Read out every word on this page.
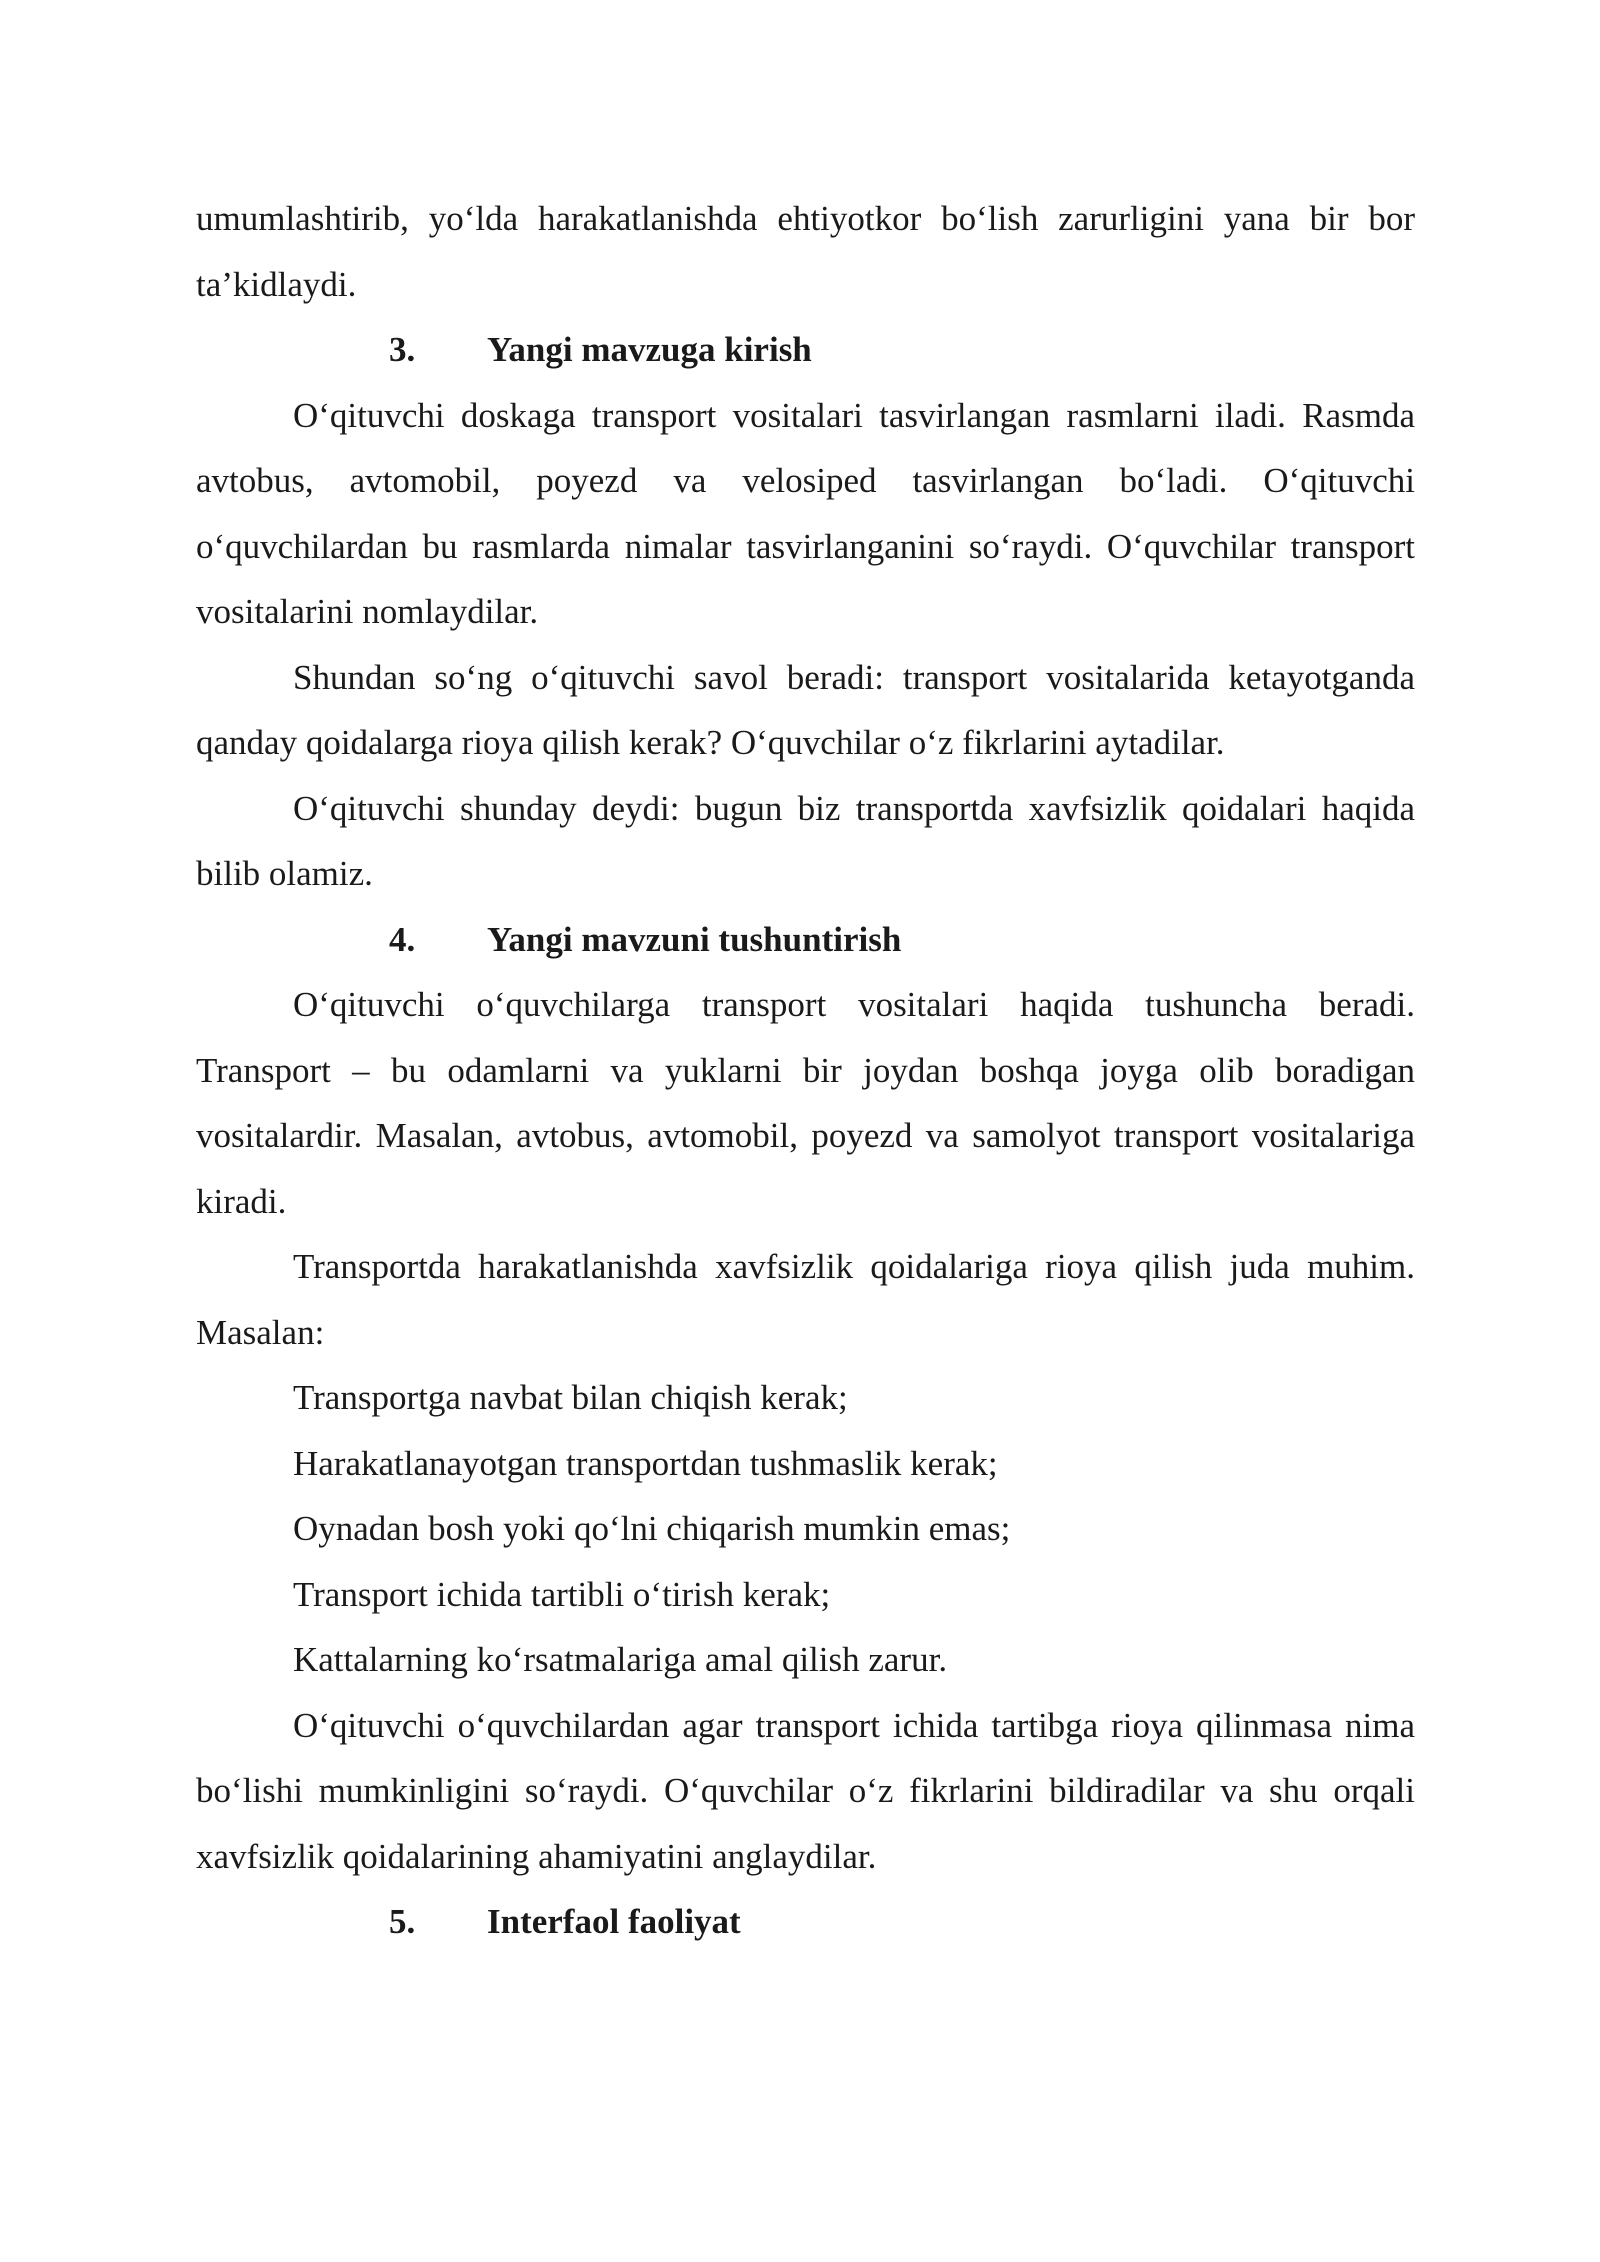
umumlashtirib, yo‘lda harakatlanishda ehtiyotkor bo‘lish zarurligini yana bir bor ta’kidlaydi.

3.	Yangi mavzuga kirish

O‘qituvchi doskaga transport vositalari tasvirlangan rasmlarni iladi. Rasmda avtobus, avtomobil, poyezd va velosiped tasvirlangan bo‘ladi. O‘qituvchi o‘quvchilardan bu rasmlarda nimalar tasvirlanganini so‘raydi. O‘quvchilar transport vositalarini nomlaydilar.

Shundan so‘ng o‘qituvchi savol beradi: transport vositalarida ketayotganda qanday qoidalarga rioya qilish kerak? O‘quvchilar o‘z fikrlarini aytadilar.

O‘qituvchi shunday deydi: bugun biz transportda xavfsizlik qoidalari haqida bilib olamiz.

4.	Yangi mavzuni tushuntirish

O‘qituvchi o‘quvchilarga transport vositalari haqida tushuncha beradi. Transport – bu odamlarni va yuklarni bir joydan boshqa joyga olib boradigan vositalardir. Masalan, avtobus, avtomobil, poyezd va samolyot transport vositalariga kiradi.

Transportda harakatlanishda xavfsizlik qoidalariga rioya qilish juda muhim. Masalan:

Transportga navbat bilan chiqish kerak;

Harakatlanayotgan transportdan tushmaslik kerak;

Oynadan bosh yoki qo‘lni chiqarish mumkin emas;

Transport ichida tartibli o‘tirish kerak;

Kattalarning ko‘rsatmalariga amal qilish zarur.

O‘qituvchi o‘quvchilardan agar transport ichida tartibga rioya qilinmasa nima bo‘lishi mumkinligini so‘raydi. O‘quvchilar o‘z fikrlarini bildiradilar va shu orqali xavfsizlik qoidalarining ahamiyatini anglaydilar.

5.	Interfaol faoliyat
